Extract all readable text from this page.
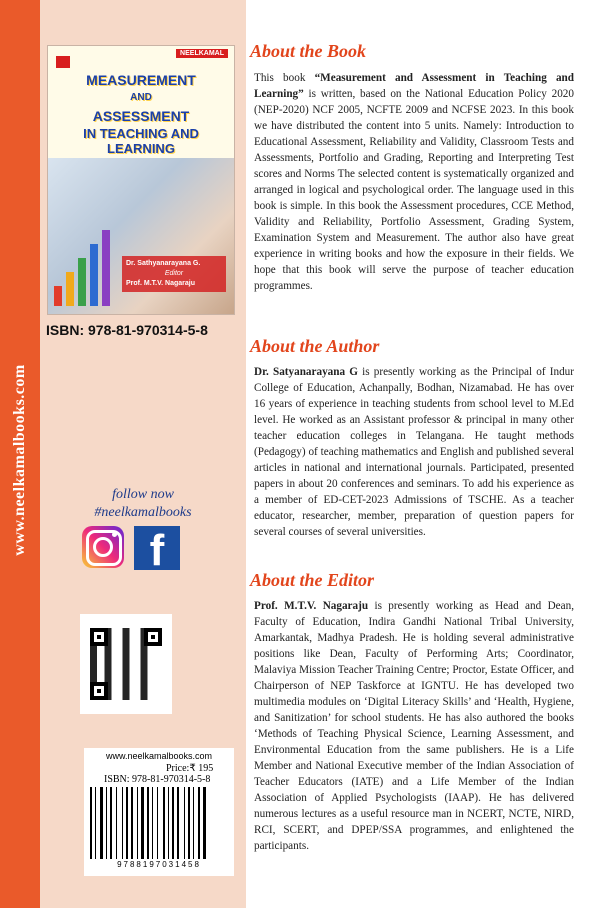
www.neelkamalbooks.com
NEELKAMAL
MEASUREMENT
AND
ASSESSMENT
IN TEACHING AND LEARNING
Dr. Sathyanarayana G.
Editor
Prof. M.T.V. Nagaraju
ISBN: 978-81-970314-5-8
follow now
#neelkamalbooks
f
www.neelkamalbooks.com
Price:₹ 195
ISBN: 978-81-970314-5-8
9788197031458
About the Book

This book “Measurement and Assessment in Teaching and Learning” is written, based on the National Education Policy 2020 (NEP-2020) NCF 2005, NCFTE 2009 and NCFSE 2023. In this book we have distributed the content into 5 units. Namely: Introduction to Educational Assessment, Reliability and Validity, Classroom Tests and Assessments, Portfolio and Grading, Reporting and Interpreting Test scores and Norms The selected content is systematically organized and arranged in logical and psychological order. The language used in this book is simple. In this book the Assessment procedures, CCE Method, Validity and Reliability, Portfolio Assessment, Grading System, Examination System and Measurement. The author also have great experience in writing books and how the exposure in their fields. We hope that this book will serve the purpose of teacher education programmes.

About the Author

Dr. Satyanarayana G is presently working as the Principal of Indur College of Education, Achanpally, Bodhan, Nizamabad. He has over 16 years of experience in teaching students from school level to M.Ed level. He worked as an Assistant professor & principal in many other teacher education colleges in Telangana. He taught methods (Pedagogy) of teaching mathematics and English and published several articles in national and international journals. Participated, presented papers in about 20 conferences and seminars. To add his experience as a member of ED-CET-2023 Admissions of TSCHE. As a teacher educator, researcher, member, preparation of question papers for several courses of several universities.

About the Editor

Prof. M.T.V. Nagaraju is presently working as Head and Dean, Faculty of Education, Indira Gandhi National Tribal University, Amarkantak, Madhya Pradesh. He is holding several administrative positions like Dean, Faculty of Performing Arts; Coordinator, Malaviya Mission Teacher Training Centre; Proctor, Estate Officer, and Chairperson of NEP Taskforce at IGNTU. He has developed two multimedia modules on ‘Digital Literacy Skills’ and ‘Health, Hygiene, and Sanitization’ for school students. He has also authored the books ‘Methods of Teaching Physical Science, Learning Assessment, and Environmental Education from the same publishers. He is a Life Member and National Executive member of the Indian Association of Teacher Educators (IATE) and a Life Member of the Indian Association of Applied Psychologists (IAAP). He has delivered numerous lectures as a useful resource man in NCERT, NCTE, NIRD, RCI, SCERT, and DPEP/SSA programmes, and enlightened the participants.
